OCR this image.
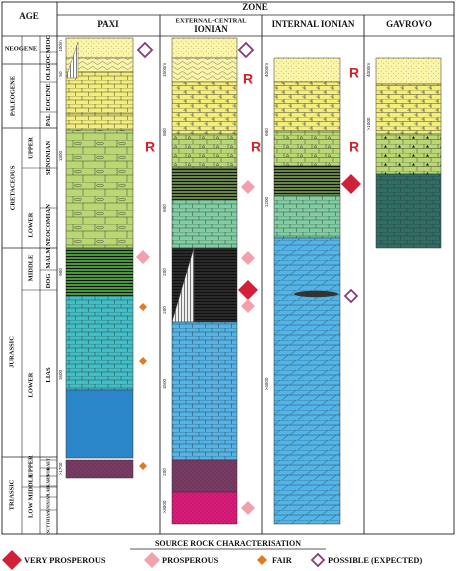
AGE
ZONE
PAXI	EXTERNAL-CENTRAL
IONIAN	INTERNAL IONIAN	GAVROVO
NEOGENE
PALEOGENE
CRETACEOUS
JURASSIC
TRIASSIC
UPPER
LOWER
MIDDLE
LOWER
UPPER
MIDDLE
LOW
MIOC
OLIGOC
EOCENE
PAL
SENONIAN
NEOCOMIAN
MALM
DOG
LIAS
RAET
NOR
KARN
LAD
ANISIAN
SCYTHIAN
100m
50
1300
900
1600
>1700
1500m
800
600
200
200
1500
200
>3000
4000m
600
1200
>4000
4000m
>1000
R
R
R
R
R
SOURCE ROCK CHARACTERISATION
VERY PROSPEROUS	PROSPEROUS	FAIR	POSSIBLE (EXPECTED)
